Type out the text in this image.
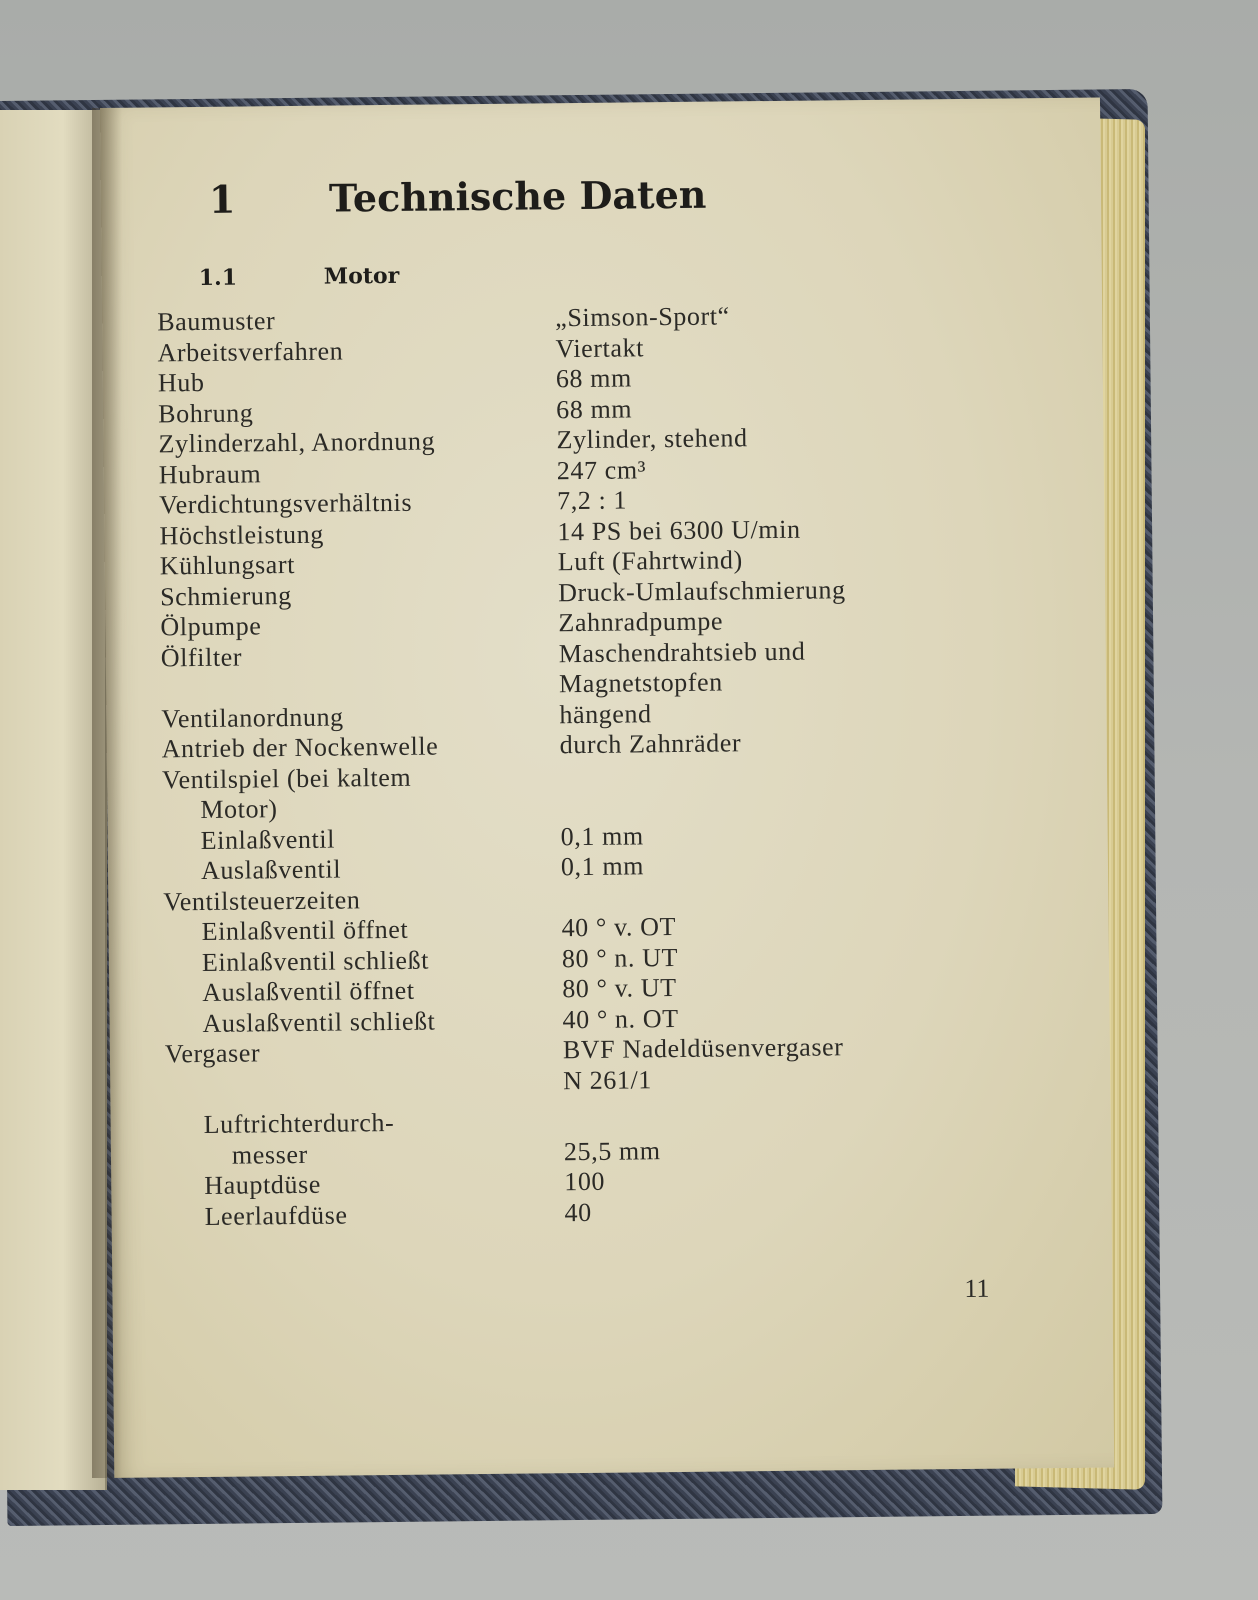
1 Technische Daten
1.1	Motor
Baumuster	„Simson-Sport“
Arbeitsverfahren	Viertakt
Hub	68 mm
Bohrung	68 mm
Zylinderzahl, Anordnung	Zylinder, stehend
Hubraum	247 cm³
Verdichtungsverhältnis	7,2 : 1
Höchstleistung	14 PS bei 6300 U/min
Kühlungsart	Luft (Fahrtwind)
Schmierung	Druck-Umlaufschmierung
Ölpumpe	Zahnradpumpe
Ölfilter	Maschendrahtsieb und
Magnetstopfen
Ventilanordnung	hängend
Antrieb der Nockenwelle	durch Zahnräder
Ventilspiel (bei kaltem
Motor)
Einlaßventil	0,1 mm
Auslaßventil	0,1 mm
Ventilsteuerzeiten
Einlaßventil öffnet	40 ° v. OT
Einlaßventil schließt	80 ° n. UT
Auslaßventil öffnet	80 ° v. UT
Auslaßventil schließt	40 ° n. OT
Vergaser	BVF Nadeldüsenvergaser
N 261/1
Luftrichterdurch-
messer	25,5 mm
Hauptdüse	100
Leerlaufdüse	40
11
